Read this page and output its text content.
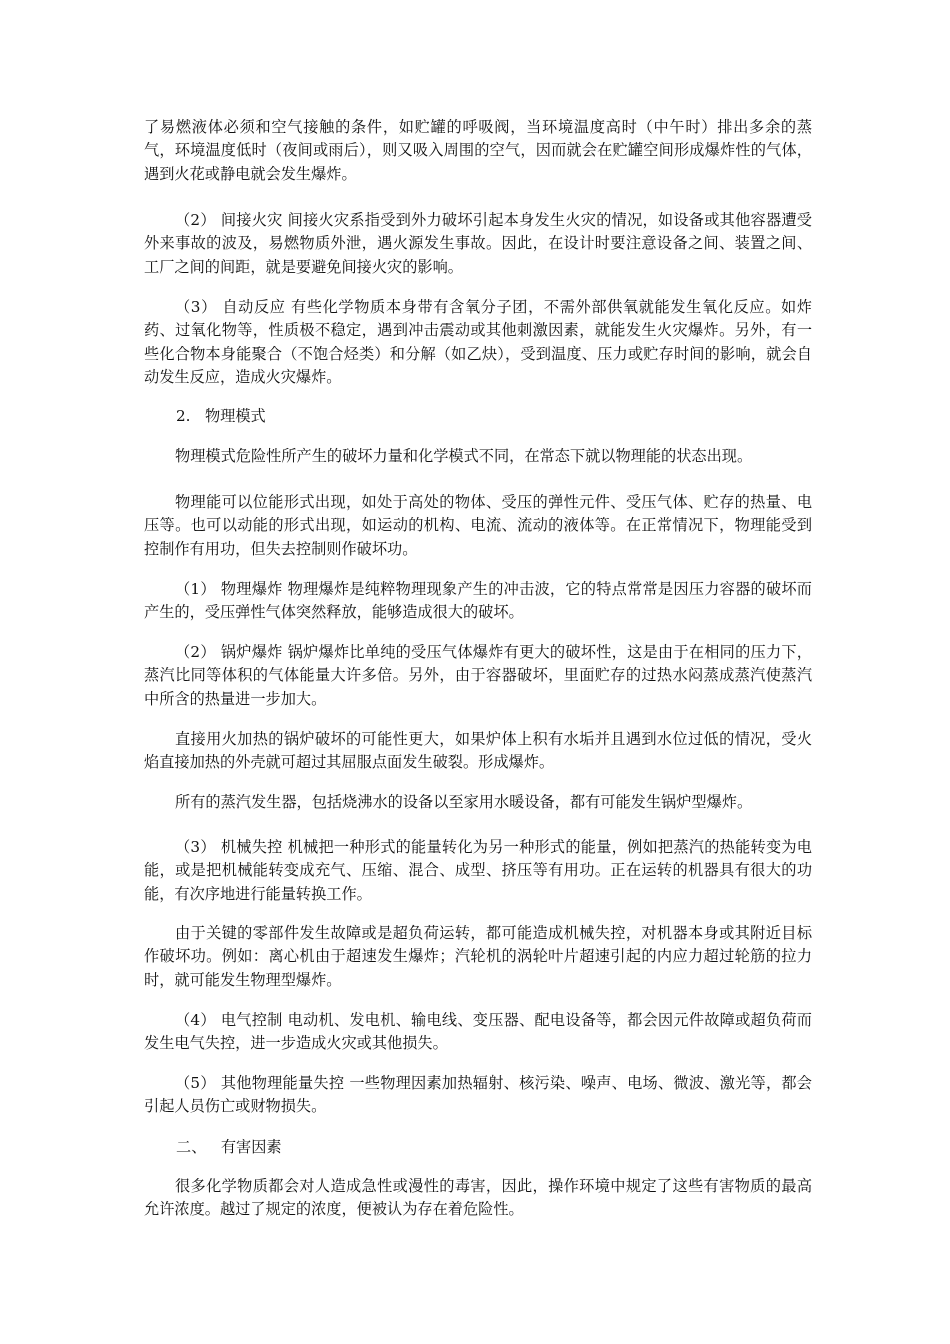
了易燃液体必须和空气接触的条件，如贮罐的呼吸阀，当环境温度高时（中午时）排出多余的蒸气，环境温度低时（夜间或雨后），则又吸入周围的空气，因而就会在贮罐空间形成爆炸性的气体，遇到火花或静电就会发生爆炸。

（2） 间接火灾 间接火灾系指受到外力破坏引起本身发生火灾的情况，如设备或其他容器遭受外来事故的波及，易燃物质外泄，遇火源发生事故。因此，在设计时要注意设备之间、装置之间、工厂之间的间距，就是要避免间接火灾的影响。

（3） 自动反应 有些化学物质本身带有含氧分子团，不需外部供氧就能发生氧化反应。如炸药、过氧化物等，性质极不稳定，遇到冲击震动或其他刺激因素，就能发生火灾爆炸。另外，有一些化合物本身能聚合（不饱合烃类）和分解（如乙炔），受到温度、压力或贮存时间的影响，就会自动发生反应，造成火灾爆炸。

2.   物理模式

物理模式危险性所产生的破坏力量和化学模式不同，在常态下就以物理能的状态出现。

物理能可以位能形式出现，如处于高处的物体、受压的弹性元件、受压气体、贮存的热量、电压等。也可以动能的形式出现，如运动的机构、电流、流动的液体等。在正常情况下，物理能受到控制作有用功，但失去控制则作破坏功。

（1） 物理爆炸 物理爆炸是纯粹物理现象产生的冲击波，它的特点常常是因压力容器的破坏而产生的，受压弹性气体突然释放，能够造成很大的破坏。

（2） 锅炉爆炸 锅炉爆炸比单纯的受压气体爆炸有更大的破坏性，这是由于在相同的压力下，蒸汽比同等体积的气体能量大许多倍。另外，由于容器破坏，里面贮存的过热水闷蒸成蒸汽使蒸汽中所含的热量进一步加大。

直接用火加热的锅炉破坏的可能性更大，如果炉体上积有水垢并且遇到水位过低的情况，受火焰直接加热的外壳就可超过其屈服点面发生破裂。形成爆炸。

所有的蒸汽发生器，包括烧沸水的设备以至家用水暖设备，都有可能发生锅炉型爆炸。

（3） 机械失控 机械把一种形式的能量转化为另一种形式的能量，例如把蒸汽的热能转变为电能，或是把机械能转变成充气、压缩、混合、成型、挤压等有用功。正在运转的机器具有很大的功能，有次序地进行能量转换工作。

由于关键的零部件发生故障或是超负荷运转，都可能造成机械失控，对机器本身或其附近目标作破坏功。例如：离心机由于超速发生爆炸；汽轮机的涡轮叶片超速引起的内应力超过轮筋的拉力时，就可能发生物理型爆炸。

（4） 电气控制 电动机、发电机、输电线、变压器、配电设备等，都会因元件故障或超负荷而发生电气失控，进一步造成火灾或其他损失。

（5） 其他物理能量失控 一些物理因素加热辐射、核污染、噪声、电场、微波、激光等，都会引起人员伤亡或财物损失。

二、   有害因素

很多化学物质都会对人造成急性或漫性的毒害，因此，操作环境中规定了这些有害物质的最高允许浓度。越过了规定的浓度，便被认为存在着危险性。
